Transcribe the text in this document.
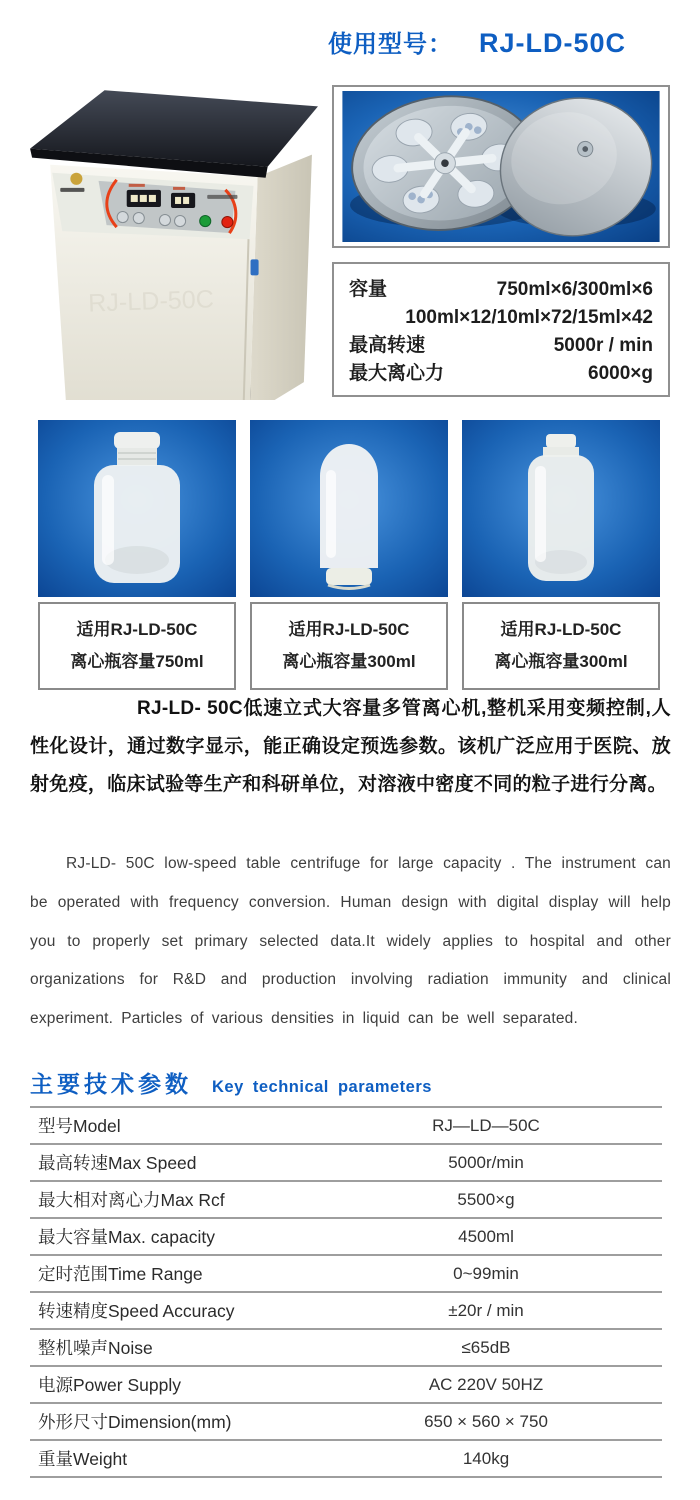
使用型号： RJ-LD-50C
RJ-LD-50C	容量	750ml×6/300ml×6
100ml×12/10ml×72/15ml×42
最高转速	5000r / min
最大离心力	6000×g
适用RJ-LD-50C
离心瓶容量750ml
适用RJ-LD-50C
离心瓶容量300ml
适用RJ-LD-50C
离心瓶容量300ml

RJ-LD- 50C低速立式大容量多管离心机,整机采用变频控制,人性化设计，通过数字显示，能正确设定预选参数。该机广泛应用于医院、放射免疫，临床试验等生产和科研单位，对溶液中密度不同的粒子进行分离。

RJ-LD- 50C low-speed table centrifuge for large capacity . The instrument can be operated with frequency conversion. Human design with digital display will help you to properly set primary selected data.It widely applies to hospital and other organizations for R&D and production involving radiation immunity and clinical experiment. Particles of various densities in liquid can be well separated.

主要技术参数 Key technical parameters
型号Model	RJ—LD—50C
最高转速Max Speed	5000r/min
最大相对离心力Max Rcf	5500×g
最大容量Max. capacity	4500ml
定时范围Time Range	0~99min
转速精度Speed Accuracy	±20r / min
整机噪声Noise	≤65dB
电源Power Supply	AC 220V 50HZ
外形尺寸Dimension(mm)	650 × 560 × 750
重量Weight	140kg
